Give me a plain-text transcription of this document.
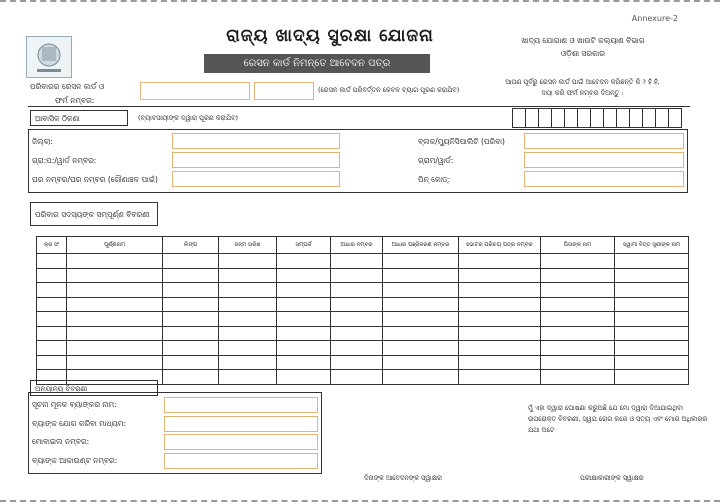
Annexure-2
ରାଜ୍ୟ ଖାଦ୍ୟ ସୁରକ୍ଷା ଯୋଜନା
ରେସନ କାର୍ଡ ନିମନ୍ତେ ଆବେଦନ ପତ୍ର
ଖାଦ୍ୟ ଯୋଗାଣ ଓ ଖାଉଟି କଲ୍ୟାଣ ବିଭାଗ
ଓଡ଼ିଶା ସରକାର
ଆପଣ ପୂର୍ବରୁ ରେସନ କାର୍ଡ ପାଇଁ ଆବେଦନ କରିଛନ୍ତି କି ? ହଁ ହଁ,
ଦୟା କରି ଫର୍ମ ନମ୍ବର ଦିଅନ୍ତୁ :
ପରିବାରର ରେସନ କାର୍ଡ ଓ
ଫର୍ମ ନମ୍ବର:
(ରେସନ କାର୍ଡ ପରିବର୍ତ୍ତନ କେବଳ ବ୍ୟାଗ ପୂରଣ କରାଯିବ)
ଆବାସିକ ଠିକଣା	(ବ୍ୟାବସାୟୀଙ୍କ ଦ୍ୱାରା ପୂରଣ କରାଯିବ)
ଜିଲ୍ଲା:
ଗ୍ରା:ପ:/ୱାର୍ଡ ନମ୍ବର:
ଘର ନମ୍ବର/ଘର ନମ୍ବର (ଗୌଣାଞ୍ଚଳ ପାଇଁ)
ବ୍ଲକ/ମ୍ୟୁନିସିପାଲିଟି (ପରିବା)
ଗ୍ରାମ/ୱାର୍ଡ:
ପିନ୍ କୋଡ୍:
ପରିବାର ସଦସ୍ୟଙ୍କ ସମ୍ପୂର୍ଣ୍ଣ ବିବରଣୀ
କ୍ର ସଂ	ପୂର୍ଣ୍ଣନାମ	ଲିଙ୍ଗ	ଜନ୍ମ ତାରିଖ	ସମ୍ପର୍କ	ଆଧାର ନମ୍ବର	ଆଧାର ପଞ୍ଜିକରଣ ନମ୍ବର	ଭୋଟର ପରିଚୟ ପତ୍ର ନମ୍ବର	ପିତାଙ୍କ ନାମ	ସ୍ୱାମୀ ବିତ୍ତ ସ୍ତ୍ରୀଙ୍କ ନାମ

ଅନ୍ୟାନ୍ୟ ବିବରଣୀ
ସୂଚନା ମୂଳକ ବ୍ୟାଙ୍କର ନାମ:
ବ୍ୟାଙ୍କ ଯୋଗ କରିବା ମାଧ୍ୟମ:
ମୋବାଇଲ ନମ୍ବର:
ବ୍ୟାଙ୍କ ଆକାଉଣ୍ଟ ନମ୍ବର:
ମୁଁ ଏହା ଦ୍ୱାରା ଘୋଷଣା କରୁଅଛି ଯେ ମୋ ଦ୍ୱାରା ଦିଆଯାଇଥିବା ଉପରୋକ୍ତ ବିବରଣୀ, ସ୍ୱଯ ରୋଗ କରେ ଓ ସତ୍ୟ ଏବଂ ମୋର ଅଧିକାରର ଯଥା ଅଟେ
ଦିନାଙ୍କ ଆବେଦନଙ୍କ ସ୍ୱାକ୍ଷର	ପରୀକ୍ଷାକାରୀଙ୍କ ସ୍ୱାକ୍ଷର
